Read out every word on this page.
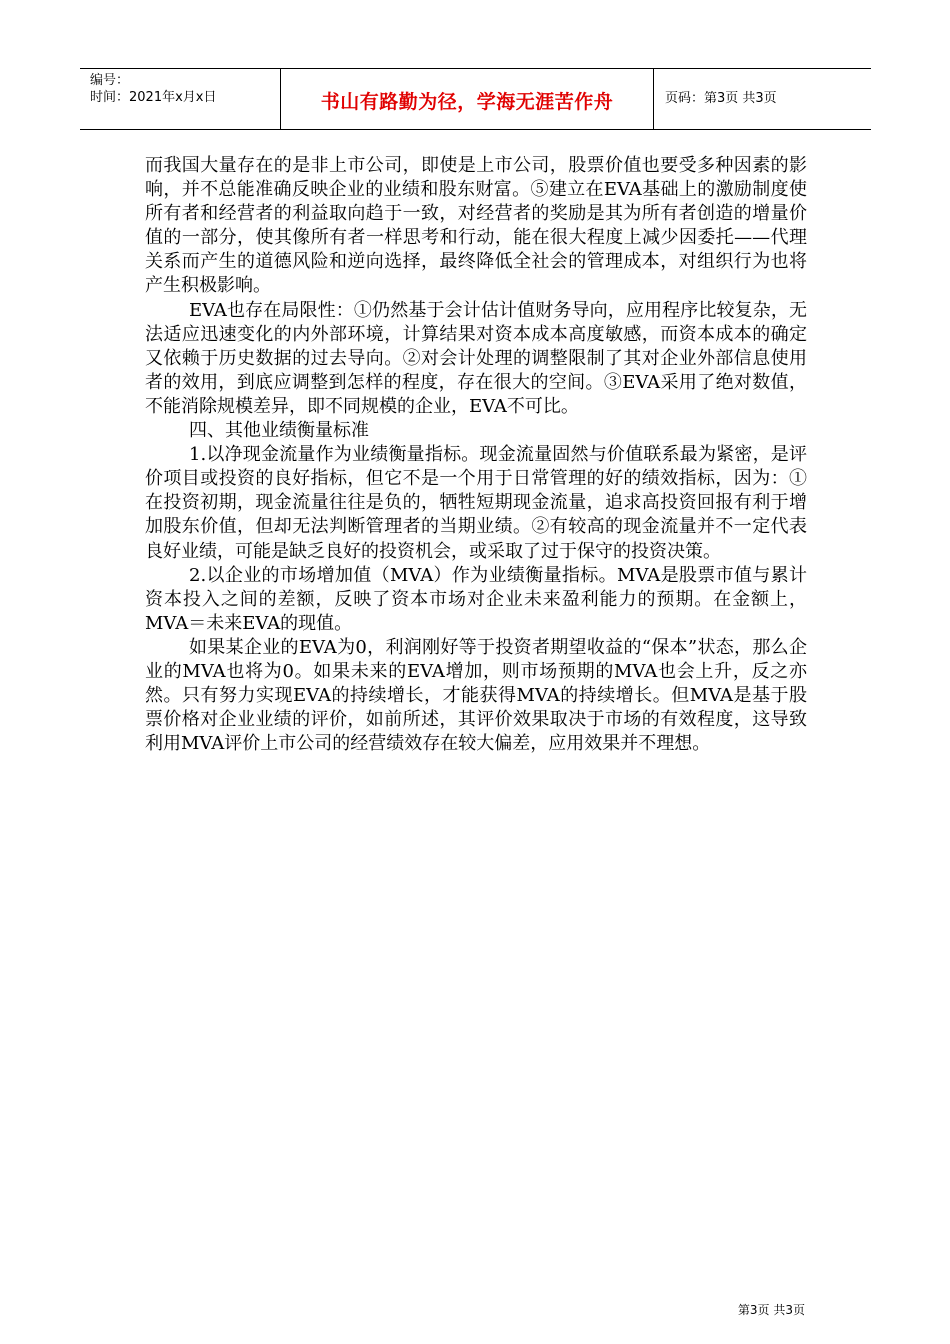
编号：
时间：2021年x月x日	书山有路勤为径，学海无涯苦作舟	页码：第3页 共3页

而我国大量存在的是非上市公司，即使是上市公司，股票价值也要受多种因素的影响，并不总能准确反映企业的业绩和股东财富。⑤建立在EVA基础上的激励制度使所有者和经营者的利益取向趋于一致，对经营者的奖励是其为所有者创造的增量价值的一部分，使其像所有者一样思考和行动，能在很大程度上减少因委托——代理关系而产生的道德风险和逆向选择，最终降低全社会的管理成本，对组织行为也将产生积极影响。

EVA也存在局限性：①仍然基于会计估计值财务导向，应用程序比较复杂，无法适应迅速变化的内外部环境，计算结果对资本成本高度敏感，而资本成本的确定又依赖于历史数据的过去导向。②对会计处理的调整限制了其对企业外部信息使用者的效用，到底应调整到怎样的程度，存在很大的空间。③EVA采用了绝对数值，不能消除规模差异，即不同规模的企业，EVA不可比。

四、其他业绩衡量标准

1.以净现金流量作为业绩衡量指标。现金流量固然与价值联系最为紧密，是评价项目或投资的良好指标，但它不是一个用于日常管理的好的绩效指标，因为：①在投资初期，现金流量往往是负的，牺牲短期现金流量，追求高投资回报有利于增加股东价值，但却无法判断管理者的当期业绩。②有较高的现金流量并不一定代表良好业绩，可能是缺乏良好的投资机会，或采取了过于保守的投资决策。

2.以企业的市场增加值（MVA）作为业绩衡量指标。MVA是股票市值与累计资本投入之间的差额，反映了资本市场对企业未来盈利能力的预期。在金额上，MVA＝未来EVA的现值。

如果某企业的EVA为0，利润刚好等于投资者期望收益的“保本”状态，那么企业的MVA也将为0。如果未来的EVA增加，则市场预期的MVA也会上升，反之亦然。只有努力实现EVA的持续增长，才能获得MVA的持续增长。但MVA是基于股票价格对企业业绩的评价，如前所述，其评价效果取决于市场的有效程度，这导致利用MVA评价上市公司的经营绩效存在较大偏差，应用效果并不理想。

第3页 共3页
